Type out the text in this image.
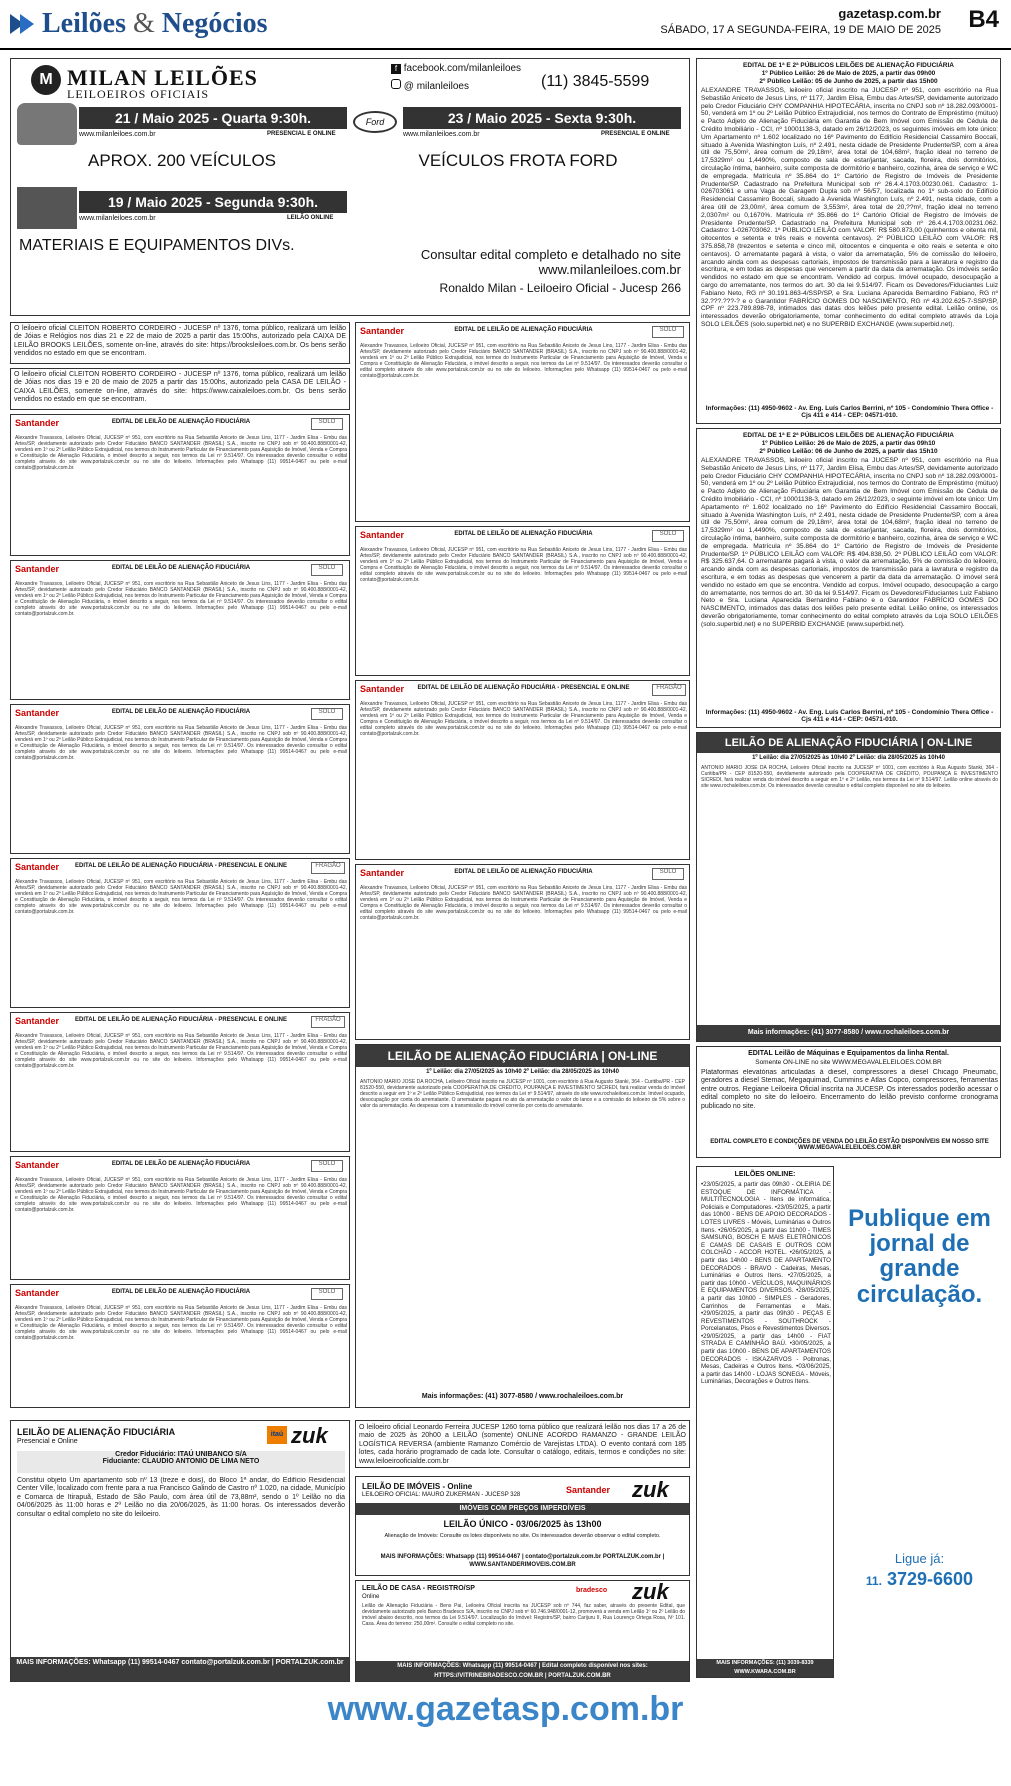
Leilões & Negócios	gazetasp.com.br
SÁBADO, 17 A SEGUNDA-FEIRA, 19 DE MAIO DE 2025 B4
M MILAN LEILÕES
LEILOEIROS OFICIAIS
f facebook.com/milanleiloes
@ milanleiloes	(11) 3845-5599
21 / Maio 2025 - Quarta 9:30h.
www.milanleiloes.com.br	PRESENCIAL E ONLINE
APROX. 200 VEÍCULOS
Ford	23 / Maio 2025 - Sexta 9:30h.
www.milanleiloes.com.br	PRESENCIAL E ONLINE
VEÍCULOS FROTA FORD
19 / Maio 2025 - Segunda 9:30h.
www.milanleiloes.com.br	LEILÃO ONLINE
MATERIAIS E EQUIPAMENTOS DIVs.
Consultar edital completo e detalhado no site www.milanleiloes.com.br
Ronaldo Milan - Leiloeiro Oficial - Jucesp 266
O leiloeiro oficial CLEITON ROBERTO CORDEIRO - JUCESP nº 1376, torna público, realizará um leilão de Jóias e Relógios nos dias 21 e 22 de maio de 2025 a partir das 15:00hs, autorizado pela CAIXA DE LEILÃO BROOKS LEILÕES, somente on-line, através do site: https://brooksleiloes.com.br. Os bens serão vendidos no estado em que se encontram.
O leiloeiro oficial CLEITON ROBERTO CORDEIRO - JUCESP nº 1376, torna público, realizará um leilão de Jóias nos dias 19 e 20 de maio de 2025 a partir das 15:00hs, autorizado pela CASA DE LEILÃO - CAIXA LEILÕES, somente on-line, através do site: https://www.caixaleiloes.com.br. Os bens serão vendidos no estado em que se encontram.
Santander	EDITAL DE LEILÃO DE ALIENAÇÃO FIDUCIÁRIA	SOLO
Alexandre Travassos, Leiloeiro Oficial, JUCESP nº 951, com escritório na Rua Sebastião Aniceto de Jesus Lins, 1177 - Jardim Elisa - Embu das Artes/SP, devidamente autorizado pelo Credor Fiduciário BANCO SANTANDER (BRASIL) S.A., inscrito no CNPJ sob nº 90.400.888/0001-42, venderá em 1º ou 2º Leilão Público Extrajudicial, nos termos do Instrumento Particular de Financiamento para Aquisição de Imóvel, Venda e Compra e Constituição de Alienação Fiduciária, o imóvel descrito a seguir, nos termos da Lei nº 9.514/97. Os interessados deverão consultar o edital completo através do site www.portalzuk.com.br ou no site do leiloeiro. Informações pelo Whatsapp (11) 99514-0467 ou pelo e-mail contato@portalzuk.com.br.
Santander	EDITAL DE LEILÃO DE ALIENAÇÃO FIDUCIÁRIA	SOLO
Alexandre Travassos, Leiloeiro Oficial, JUCESP nº 951, com escritório na Rua Sebastião Aniceto de Jesus Lins, 1177 - Jardim Elisa - Embu das Artes/SP, devidamente autorizado pelo Credor Fiduciário BANCO SANTANDER (BRASIL) S.A., inscrito no CNPJ sob nº 90.400.888/0001-42, venderá em 1º ou 2º Leilão Público Extrajudicial, nos termos do Instrumento Particular de Financiamento para Aquisição de Imóvel, Venda e Compra e Constituição de Alienação Fiduciária, o imóvel descrito a seguir, nos termos da Lei nº 9.514/97. Os interessados deverão consultar o edital completo através do site www.portalzuk.com.br ou no site do leiloeiro. Informações pelo Whatsapp (11) 99514-0467 ou pelo e-mail contato@portalzuk.com.br.
Santander	EDITAL DE LEILÃO DE ALIENAÇÃO FIDUCIÁRIA	SOLO
Alexandre Travassos, Leiloeiro Oficial, JUCESP nº 951, com escritório na Rua Sebastião Aniceto de Jesus Lins, 1177 - Jardim Elisa - Embu das Artes/SP, devidamente autorizado pelo Credor Fiduciário BANCO SANTANDER (BRASIL) S.A., inscrito no CNPJ sob nº 90.400.888/0001-42, venderá em 1º ou 2º Leilão Público Extrajudicial, nos termos do Instrumento Particular de Financiamento para Aquisição de Imóvel, Venda e Compra e Constituição de Alienação Fiduciária, o imóvel descrito a seguir, nos termos da Lei nº 9.514/97. Os interessados deverão consultar o edital completo através do site www.portalzuk.com.br ou no site do leiloeiro. Informações pelo Whatsapp (11) 99514-0467 ou pelo e-mail contato@portalzuk.com.br.
Santander	EDITAL DE LEILÃO DE ALIENAÇÃO FIDUCIÁRIA - PRESENCIAL E ONLINE	FRAGÃO
Alexandre Travassos, Leiloeiro Oficial, JUCESP nº 951, com escritório na Rua Sebastião Aniceto de Jesus Lins, 1177 - Jardim Elisa - Embu das Artes/SP, devidamente autorizado pelo Credor Fiduciário BANCO SANTANDER (BRASIL) S.A., inscrito no CNPJ sob nº 90.400.888/0001-42, venderá em 1º ou 2º Leilão Público Extrajudicial, nos termos do Instrumento Particular de Financiamento para Aquisição de Imóvel, Venda e Compra e Constituição de Alienação Fiduciária, o imóvel descrito a seguir, nos termos da Lei nº 9.514/97. Os interessados deverão consultar o edital completo através do site www.portalzuk.com.br ou no site do leiloeiro. Informações pelo Whatsapp (11) 99514-0467 ou pelo e-mail contato@portalzuk.com.br.
Santander	EDITAL DE LEILÃO DE ALIENAÇÃO FIDUCIÁRIA - PRESENCIAL E ONLINE	FRAGÃO
Alexandre Travassos, Leiloeiro Oficial, JUCESP nº 951, com escritório na Rua Sebastião Aniceto de Jesus Lins, 1177 - Jardim Elisa - Embu das Artes/SP, devidamente autorizado pelo Credor Fiduciário BANCO SANTANDER (BRASIL) S.A., inscrito no CNPJ sob nº 90.400.888/0001-42, venderá em 1º ou 2º Leilão Público Extrajudicial, nos termos do Instrumento Particular de Financiamento para Aquisição de Imóvel, Venda e Compra e Constituição de Alienação Fiduciária, o imóvel descrito a seguir, nos termos da Lei nº 9.514/97. Os interessados deverão consultar o edital completo através do site www.portalzuk.com.br ou no site do leiloeiro. Informações pelo Whatsapp (11) 99514-0467 ou pelo e-mail contato@portalzuk.com.br.
Santander	EDITAL DE LEILÃO DE ALIENAÇÃO FIDUCIÁRIA	SOLO
Alexandre Travassos, Leiloeiro Oficial, JUCESP nº 951, com escritório na Rua Sebastião Aniceto de Jesus Lins, 1177 - Jardim Elisa - Embu das Artes/SP, devidamente autorizado pelo Credor Fiduciário BANCO SANTANDER (BRASIL) S.A., inscrito no CNPJ sob nº 90.400.888/0001-42, venderá em 1º ou 2º Leilão Público Extrajudicial, nos termos do Instrumento Particular de Financiamento para Aquisição de Imóvel, Venda e Compra e Constituição de Alienação Fiduciária, o imóvel descrito a seguir, nos termos da Lei nº 9.514/97. Os interessados deverão consultar o edital completo através do site www.portalzuk.com.br ou no site do leiloeiro. Informações pelo Whatsapp (11) 99514-0467 ou pelo e-mail contato@portalzuk.com.br.
Santander	EDITAL DE LEILÃO DE ALIENAÇÃO FIDUCIÁRIA	SOLO
Alexandre Travassos, Leiloeiro Oficial, JUCESP nº 951, com escritório na Rua Sebastião Aniceto de Jesus Lins, 1177 - Jardim Elisa - Embu das Artes/SP, devidamente autorizado pelo Credor Fiduciário BANCO SANTANDER (BRASIL) S.A., inscrito no CNPJ sob nº 90.400.888/0001-42, venderá em 1º ou 2º Leilão Público Extrajudicial, nos termos do Instrumento Particular de Financiamento para Aquisição de Imóvel, Venda e Compra e Constituição de Alienação Fiduciária, o imóvel descrito a seguir, nos termos da Lei nº 9.514/97. Os interessados deverão consultar o edital completo através do site www.portalzuk.com.br ou no site do leiloeiro. Informações pelo Whatsapp (11) 99514-0467 ou pelo e-mail contato@portalzuk.com.br.
Santander	EDITAL DE LEILÃO DE ALIENAÇÃO FIDUCIÁRIA	SOLO
Alexandre Travassos, Leiloeiro Oficial, JUCESP nº 951, com escritório na Rua Sebastião Aniceto de Jesus Lins, 1177 - Jardim Elisa - Embu das Artes/SP, devidamente autorizado pelo Credor Fiduciário BANCO SANTANDER (BRASIL) S.A., inscrito no CNPJ sob nº 90.400.888/0001-42, venderá em 1º ou 2º Leilão Público Extrajudicial, nos termos do Instrumento Particular de Financiamento para Aquisição de Imóvel, Venda e Compra e Constituição de Alienação Fiduciária, o imóvel descrito a seguir, nos termos da Lei nº 9.514/97. Os interessados deverão consultar o edital completo através do site www.portalzuk.com.br ou no site do leiloeiro. Informações pelo Whatsapp (11) 99514-0467 ou pelo e-mail contato@portalzuk.com.br.
Santander	EDITAL DE LEILÃO DE ALIENAÇÃO FIDUCIÁRIA	SOLO
Alexandre Travassos, Leiloeiro Oficial, JUCESP nº 951, com escritório na Rua Sebastião Aniceto de Jesus Lins, 1177 - Jardim Elisa - Embu das Artes/SP, devidamente autorizado pelo Credor Fiduciário BANCO SANTANDER (BRASIL) S.A., inscrito no CNPJ sob nº 90.400.888/0001-42, venderá em 1º ou 2º Leilão Público Extrajudicial, nos termos do Instrumento Particular de Financiamento para Aquisição de Imóvel, Venda e Compra e Constituição de Alienação Fiduciária, o imóvel descrito a seguir, nos termos da Lei nº 9.514/97. Os interessados deverão consultar o edital completo através do site www.portalzuk.com.br ou no site do leiloeiro. Informações pelo Whatsapp (11) 99514-0467 ou pelo e-mail contato@portalzuk.com.br.
Santander	EDITAL DE LEILÃO DE ALIENAÇÃO FIDUCIÁRIA - PRESENCIAL E ONLINE	FRAGÃO
Alexandre Travassos, Leiloeiro Oficial, JUCESP nº 951, com escritório na Rua Sebastião Aniceto de Jesus Lins, 1177 - Jardim Elisa - Embu das Artes/SP, devidamente autorizado pelo Credor Fiduciário BANCO SANTANDER (BRASIL) S.A., inscrito no CNPJ sob nº 90.400.888/0001-42, venderá em 1º ou 2º Leilão Público Extrajudicial, nos termos do Instrumento Particular de Financiamento para Aquisição de Imóvel, Venda e Compra e Constituição de Alienação Fiduciária, o imóvel descrito a seguir, nos termos da Lei nº 9.514/97. Os interessados deverão consultar o edital completo através do site www.portalzuk.com.br ou no site do leiloeiro. Informações pelo Whatsapp (11) 99514-0467 ou pelo e-mail contato@portalzuk.com.br.
Santander	EDITAL DE LEILÃO DE ALIENAÇÃO FIDUCIÁRIA	SOLO
Alexandre Travassos, Leiloeiro Oficial, JUCESP nº 951, com escritório na Rua Sebastião Aniceto de Jesus Lins, 1177 - Jardim Elisa - Embu das Artes/SP, devidamente autorizado pelo Credor Fiduciário BANCO SANTANDER (BRASIL) S.A., inscrito no CNPJ sob nº 90.400.888/0001-42, venderá em 1º ou 2º Leilão Público Extrajudicial, nos termos do Instrumento Particular de Financiamento para Aquisição de Imóvel, Venda e Compra e Constituição de Alienação Fiduciária, o imóvel descrito a seguir, nos termos da Lei nº 9.514/97. Os interessados deverão consultar o edital completo através do site www.portalzuk.com.br ou no site do leiloeiro. Informações pelo Whatsapp (11) 99514-0467 ou pelo e-mail contato@portalzuk.com.br.
LEILÃO DE ALIENAÇÃO FIDUCIÁRIA | ON-LINE
1º Leilão: dia 27/05/2025 às 10h40 2º Leilão: dia 28/05/2025 às 10h40
ANTONIO MARIO JOSÉ DA ROCHA, Leiloeiro Oficial inscrito na JUCESP nº 1001, com escritório à Rua Augusto Stanki, 364 - Curitiba/PR - CEP 81520-550, devidamente autorizado pela COOPERATIVA DE CRÉDITO, POUPANÇA E INVESTIMENTO SICREDI, fará realizar venda do imóvel descrito a seguir em 1º e 2º Leilão Público Extrajudicial, nos termos da Lei nº 9.514/97, através do site www.rochaleiloes.com.br. Imóvel ocupado, desocupação por conta do arrematante. O arrematante pagará no ato da arrematação o valor do lance e a comissão do leiloeiro de 5% sobre o valor da arrematação. As despesas com a transmissão do imóvel correrão por conta do arrematante.
Mais informações: (41) 3077-8580 / www.rochaleiloes.com.br
EDITAL DE 1ª E 2ª PÚBLICOS LEILÕES DE ALIENAÇÃO FIDUCIÁRIA
1º Público Leilão: 26 de Maio de 2025, a partir das 09h00
2º Público Leilão: 05 de Junho de 2025, a partir das 15h00
ALEXANDRE TRAVASSOS, leiloeiro oficial inscrito na JUCESP nº 951, com escritório na Rua Sebastião Aniceto de Jesus Lins, nº 1177, Jardim Elisa, Embu das Artes/SP, devidamente autorizado pelo Credor Fiduciário CHY COMPANHIA HIPOTECÁRIA, inscrita no CNPJ sob nº 18.282.093/0001-50, venderá em 1º ou 2º Leilão Público Extrajudicial, nos termos do Contrato de Empréstimo (mútuo) e Pacto Adjeto de Alienação Fiduciária em Garantia de Bem Imóvel com Emissão de Cédula de Crédito Imobiliário - CCI, nº 10001138-3, datado em 26/12/2023, os seguintes imóveis em lote único: Um Apartamento nº 1.602 localizado no 16º Pavimento do Edifício Residencial Cassamiro Boccali, situado à Avenida Washington Luís, nº 2.491, nesta cidade de Presidente Prudente/SP, com a área útil de 75,50m², área comum de 29,18m², área total de 104,68m², fração ideal no terreno de 17,5329m² ou 1,4490%, composto de sala de estar/jantar, sacada, floreira, dois dormitórios, circulação íntima, banheiro, suíte composta de dormitório e banheiro, cozinha, área de serviço e WC de empregada. Matrícula nº 35.864 do 1º Cartório de Registro de Imóveis de Presidente Prudente/SP. Cadastrado na Prefeitura Municipal sob nº 26.4.4.1703.00230.061. Cadastro: 1-026703061 e uma Vaga de Garagem Dupla sob nº 56/57, localizada no 1º sub-solo do Edifício Residencial Cassamiro Boccali, situado à Avenida Washington Luís, nº 2.491, nesta cidade, com a área útil de 23,00m², área comum de 3,553m², área total de 20,??m², fração ideal no terreno 2,0307m² ou 0,1670%. Matrícula nº 35.866 do 1º Cartório Oficial de Registro de Imóveis de Presidente Prudente/SP. Cadastrado na Prefeitura Municipal sob nº 26.4.4.1703.00231.062. Cadastro: 1-026703062. 1º PÚBLICO LEILÃO com VALOR: R$ 580.873,00 (quinhentos e oitenta mil, oitocentos e setenta e três reais e noventa centavos). 2º PÚBLICO LEILÃO com VALOR: R$ 375.858,78 (trezentos e setenta e cinco mil, oitocentos e cinquenta e oito reais e setenta e oito centavos). O arrematante pagará à vista, o valor da arrematação, 5% de comissão do leiloeiro, arcando ainda com as despesas cartoriais, impostos de transmissão para a lavratura e registro da escritura, e em todas as despesas que vencerem a partir da data da arrematação. Os imóveis serão vendidos no estado em que se encontram. Vendido ad corpus. Imóvel ocupado, desocupação a cargo do arrematante, nos termos do art. 30 da lei 9.514/97. Ficam os Devedores/Fiduciantes Luiz Fabiano Neto, RG nº 30.191.863-4/SSP/SP, e Sra. Luciana Aparecida Bernardino Fabiano, RG nº 32.???.???-? e o Garantidor FABRÍCIO GOMES DO NASCIMENTO, RG nº 43.202.625-7-SSP/SP, CPF nº 223.789.898-78, intimados das datas dos leilões pelo presente edital. Leilão online, os interessados deverão obrigatoriamente, tomar conhecimento do edital completo através da Loja SOLO LEILÕES (solo.superbid.net) e no SUPERBID EXCHANGE (www.superbid.net).
Informações: (11) 4950-9602 - Av. Eng. Luís Carlos Berrini, nº 105 - Condomínio Thera Office - Cjs 411 e 414 - CEP: 04571-010.
EDITAL DE 1ª E 2ª PÚBLICOS LEILÕES DE ALIENAÇÃO FIDUCIÁRIA
1º Público Leilão: 26 de Maio de 2025, a partir das 09h10
2º Público Leilão: 06 de Junho de 2025, a partir das 15h10
ALEXANDRE TRAVASSOS, leiloeiro oficial inscrito na JUCESP nº 951, com escritório na Rua Sebastião Aniceto de Jesus Lins, nº 1177, Jardim Elisa, Embu das Artes/SP, devidamente autorizado pelo Credor Fiduciário CHY COMPANHIA HIPOTECÁRIA, inscrita no CNPJ sob nº 18.282.093/0001-50, venderá em 1º ou 2º Leilão Público Extrajudicial, nos termos do Contrato de Empréstimo (mútuo) e Pacto Adjeto de Alienação Fiduciária em Garantia de Bem Imóvel com Emissão de Cédula de Crédito Imobiliário - CCI, nº 10001138-3, datado em 26/12/2023, o seguinte imóvel em lote único: Um Apartamento nº 1.602 localizado no 16º Pavimento do Edifício Residencial Cassamiro Boccali, situado à Avenida Washington Luís, nº 2.491, nesta cidade de Presidente Prudente/SP, com a área útil de 75,50m², área comum de 29,18m², área total de 104,68m², fração ideal no terreno de 17,5329m² ou 1,4490%, composto de sala de estar/jantar, sacada, floreira, dois dormitórios, circulação íntima, banheiro, suíte composta de dormitório e banheiro, cozinha, área de serviço e WC de empregada. Matrícula nº 35.864 do 1º Cartório de Registro de Imóveis de Presidente Prudente/SP. 1º PÚBLICO LEILÃO com VALOR: R$ 494.838,50. 2º PÚBLICO LEILÃO com VALOR: R$ 325.637,64. O arrematante pagará à vista, o valor da arrematação, 5% de comissão do leiloeiro, arcando ainda com as despesas cartoriais, impostos de transmissão para a lavratura e registro da escritura, e em todas as despesas que vencerem a partir da data da arrematação. O imóvel será vendido no estado em que se encontra. Vendido ad corpus. Imóvel ocupado, desocupação a cargo do arrematante, nos termos do art. 30 da lei 9.514/97. Ficam os Devedores/Fiduciantes Luiz Fabiano Neto e Sra. Luciana Aparecida Bernardino Fabiano e o Garantidor FABRÍCIO GOMES DO NASCIMENTO, intimados das datas dos leilões pelo presente edital. Leilão online, os interessados deverão obrigatoriamente, tomar conhecimento do edital completo através da Loja SOLO LEILÕES (solo.superbid.net) e no SUPERBID EXCHANGE (www.superbid.net).
Informações: (11) 4950-9602 - Av. Eng. Luís Carlos Berrini, nº 105 - Condomínio Thera Office - Cjs 411 e 414 - CEP: 04571-010.
LEILÃO DE ALIENAÇÃO FIDUCIÁRIA | ON-LINE
1º Leilão: dia 27/05/2025 às 10h40 2º Leilão: dia 28/05/2025 às 10h40
ANTONIO MARIO JOSÉ DA ROCHA, Leiloeiro Oficial inscrito na JUCESP nº 1001, com escritório à Rua Augusto Stanki, 364 - Curitiba/PR - CEP 81520-550, devidamente autorizado pela COOPERATIVA DE CRÉDITO, POUPANÇA E INVESTIMENTO SICREDI, fará realizar venda do imóvel descrito a seguir em 1º e 2º Leilão, nos termos da Lei nº 9.514/97. Leilão online através do site www.rochaleiloes.com.br. Os interessados deverão consultar o edital completo disponível no site do leiloeiro.
Mais informações: (41) 3077-8580 / www.rochaleiloes.com.br
EDITAL Leilão de Máquinas e Equipamentos da linha Rental.
Somente ON-LINE no site WWW.MEGAVALELEILOES.COM.BR
Plataformas elevatórias articuladas à diesel, compressores a diesel Chicago Pneumatic, geradores a diesel Stemac, Megaquimad, Cummins e Atlas Copco, compressores, ferramentas entre outros. Regiane Leiloeira Oficial inscrita na JUCESP. Os interessados poderão acessar o edital completo no site do leiloeiro. Encerramento do leilão previsto conforme cronograma publicado no site.
EDITAL COMPLETO E CONDIÇÕES DE VENDA DO LEILÃO ESTÃO DISPONÍVEIS EM NOSSO SITE WWW.MEGAVALELEILOES.COM.BR
LEILÃO DE ALIENAÇÃO FIDUCIÁRIA
Presencial e Online
itaú zuk
Credor Fiduciário: ITAÚ UNIBANCO S/A
Fiduciante: CLAUDIO ANTONIO DE LIMA NETO
Constitui objeto Um apartamento sob nº 13 (treze e dois), do Bloco 1ª andar, do Edifício Residencial Center Ville, localizado com frente para a rua Francisco Galindo de Castro nº 1.020, na cidade, Município e Comarca de Itirapuã, Estado de São Paulo, com área útil de 73,88m², sendo o 1º Leilão no dia 04/06/2025 às 11:00 horas e 2º Leilão no dia 20/06/2025, às 11:00 horas. Os interessados deverão consultar o edital completo no site do leiloeiro.
MAIS INFORMAÇÕES: Whatsapp (11) 99514-0467 contato@portalzuk.com.br | PORTALZUK.com.br
O leiloeiro oficial Leonardo Ferreira JUCESP 1260 torna público que realizará leilão nos dias 17 a 26 de maio de 2025 às 20h00 a LEILÃO (somente) ONLINE ACORDO RAMANZO - GRANDE LEILÃO LOGÍSTICA REVERSA (ambiente Ramanzo Comércio de Varejistas LTDA). O evento contará com 185 lotes, cada horário programado de cada lote. Consultar o catálogo, editais, termos e condições no site: www.leiloeirooficialde.com.br
LEILÃO DE IMÓVEIS - Online
LEILOEIRO OFICIAL: MAURO ZUKERMAN - JUCESP 328	Santander zuk
IMÓVEIS COM PREÇOS IMPERDÍVEIS
LEILÃO ÚNICO - 03/06/2025 às 13h00
Alienação de Imóveis: Consulte os lotes disponíveis no site. Os interessados deverão observar o edital completo.
MAIS INFORMAÇÕES: Whatsapp (11) 99514-0467 | contato@portalzuk.com.br PORTALZUK.com.br | WWW.SANTANDERIMOVEIS.COM.BR
LEILÃO DE CASA - REGISTRO/SP
Online
bradesco zuk
Leilão de Alienação Fiduciária - Bens Pai, Leiloeira Oficial inscrita na JUCESP sob nº 744, faz saber, através do presente Edital, que devidamente autorizado pelo Banco Bradesco S/A, inscrito no CNPJ sob nº 60.746.948/0001-12, promoverá a venda em Leilão 1º ou 2º Leilão do imóvel abaixo descrito, nos termos da Lei 9.514/97. Localização do Imóvel: Registro/SP, bairro Carijuru II, Rua Lourenço Ortega Rosa, Nº 101. Casa. Área do terreno: 250,00m². Consulte o edital completo no site.
MAIS INFORMAÇÕES: Whatsapp (11) 99514-0467 | Edital completo disponível nos sites: HTTPS://VITRINEBRADESCO.COM.BR | PORTALZUK.COM.BR
LEILÕES ONLINE:
•23/05/2025, a partir das 09h30 - OLEIRIA DE ESTOQUE DE INFORMÁTICA - MULTITECNOLOGIA - Itens de informática, Policiais e Computadores. •23/05/2025, a partir das 10h00 - BENS DE APOIO DECORADOS - LOTES LIVRES - Móveis, Luminárias e Outros Itens. •26/05/2025, a partir das 11h00 - TIMES SAMSUNG, BOSCH E MAIS ELETRÔNICOS E CAMAS DE CASAIS E OUTROS COM COLCHÃO - ACCOR HOTEL. •26/05/2025, a partir das 14h00 - BENS DE APARTAMENTO DECORADOS - BRAVO - Cadeiras, Mesas, Luminárias e Outros Itens. •27/05/2025, a partir das 10h00 - VEÍCULOS, MAQUINÁRIOS E EQUIPAMENTOS DIVERSOS. •28/05/2025, a partir das 10h00 - SIMPLES - Geradores, Carrinhos de Ferramentas e Mais. •29/05/2025, a partir das 09h30 - PEÇAS E REVESTIMENTOS - SOUTHROCK - Porcelanatos, Pisos e Revestimentos Diversos. •29/05/2025, a partir das 14h00 - FIAT STRADA E CAMINHÃO BAÚ. •30/05/2025, a partir das 10h00 - BENS DE APARTAMENTOS DECORADOS - ISKAZARVOS - Poltronas, Mesas, Cadeiras e Outros Itens. •03/06/2025, a partir das 14h00 - LOJAS SONEGA - Móveis, Luminárias, Decorações e Outros Itens.
MAIS INFORMAÇÕES: (11) 3039-8339 WWW.KWARA.COM.BR
Publique em jornal de grande circulação.
Ligue já:
11. 3729-6600
www.gazetasp.com.br
